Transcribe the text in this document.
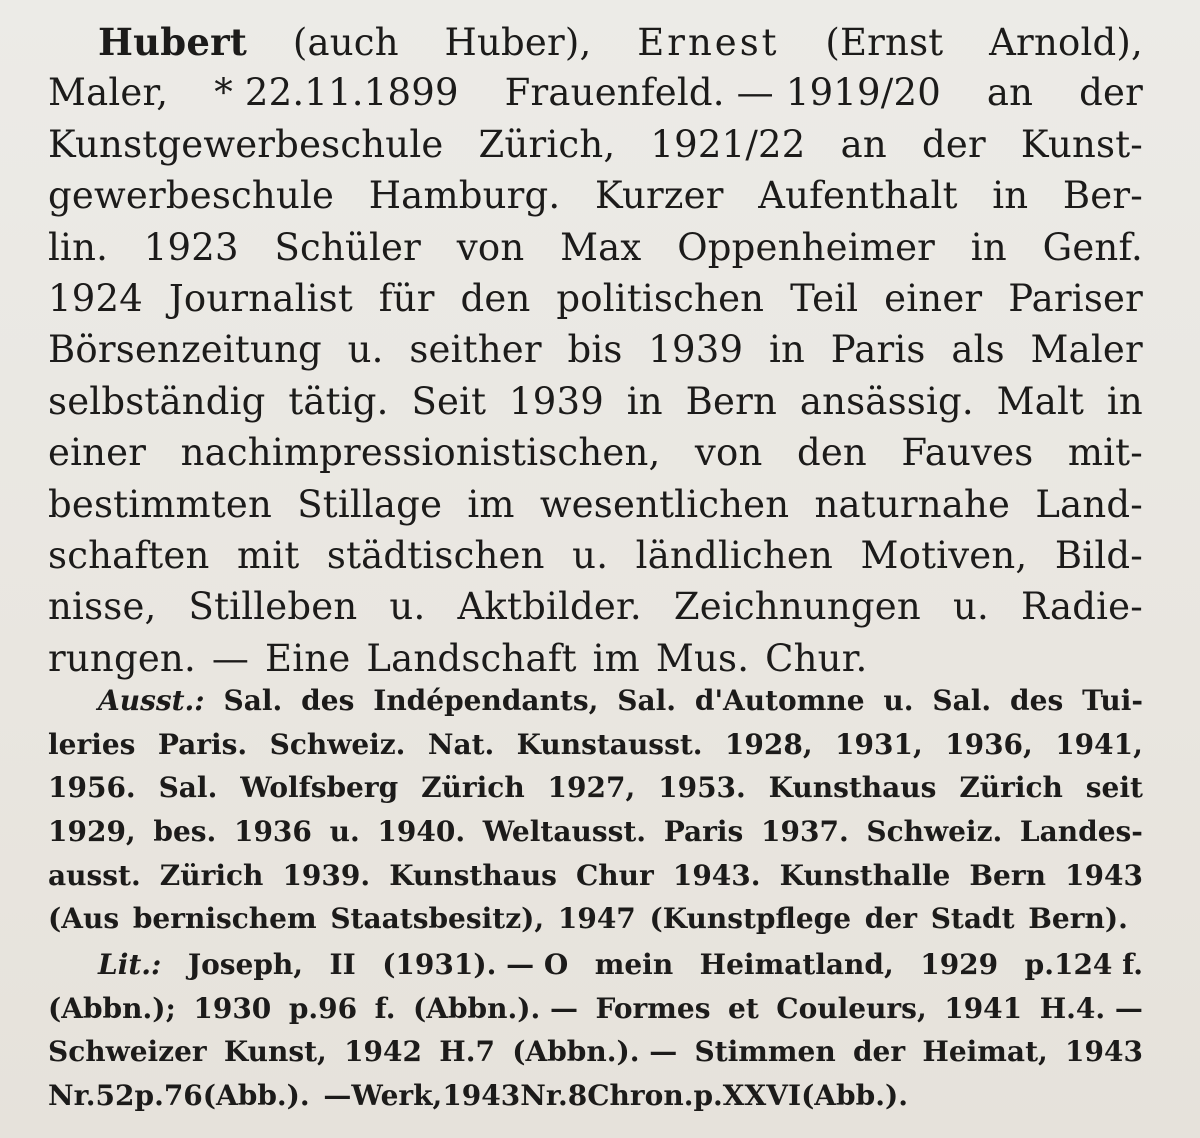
Hubert (auch Huber), Ernest (Ernst Arnold),
Maler, * 22.11.1899 Frauenfeld. — 1919/20 an der
Kunstgewerbeschule Zürich, 1921/22 an der Kunst-
gewerbeschule Hamburg. Kurzer Aufenthalt in Ber-
lin. 1923 Schüler von Max Oppenheimer in Genf.
1924 Journalist für den politischen Teil einer Pariser
Börsenzeitung u. seither bis 1939 in Paris als Maler
selbständig tätig. Seit 1939 in Bern ansässig. Malt in
einer nachimpressionistischen, von den Fauves mit-
bestimmten Stillage im wesentlichen naturnahe Land-
schaften mit städtischen u. ländlichen Motiven, Bild-
nisse, Stilleben u. Aktbilder. Zeichnungen u. Radie-
rungen. — Eine Landschaft im Mus. Chur.
Ausst.: Sal. des Indépendants, Sal. d'Automne u. Sal. des Tui-
leries Paris. Schweiz. Nat. Kunstausst. 1928, 1931, 1936, 1941,
1956. Sal. Wolfsberg Zürich 1927, 1953. Kunsthaus Zürich seit
1929, bes. 1936 u. 1940. Weltausst. Paris 1937. Schweiz. Landes-
ausst. Zürich 1939. Kunsthaus Chur 1943. Kunsthalle Bern 1943
(Aus bernischem Staatsbesitz), 1947 (Kunstpflege der Stadt Bern).
Lit.: Joseph, II (1931). — O mein Heimatland, 1929 p.124 f.
(Abbn.); 1930 p.96 f. (Abbn.). — Formes et Couleurs, 1941 H.4. —
Schweizer Kunst, 1942 H.7 (Abbn.). — Stimmen der Heimat, 1943
Nr.52 p.76 (Abb.). — Werk, 1943 Nr.8 Chron. p.XXVI (Abb.).
